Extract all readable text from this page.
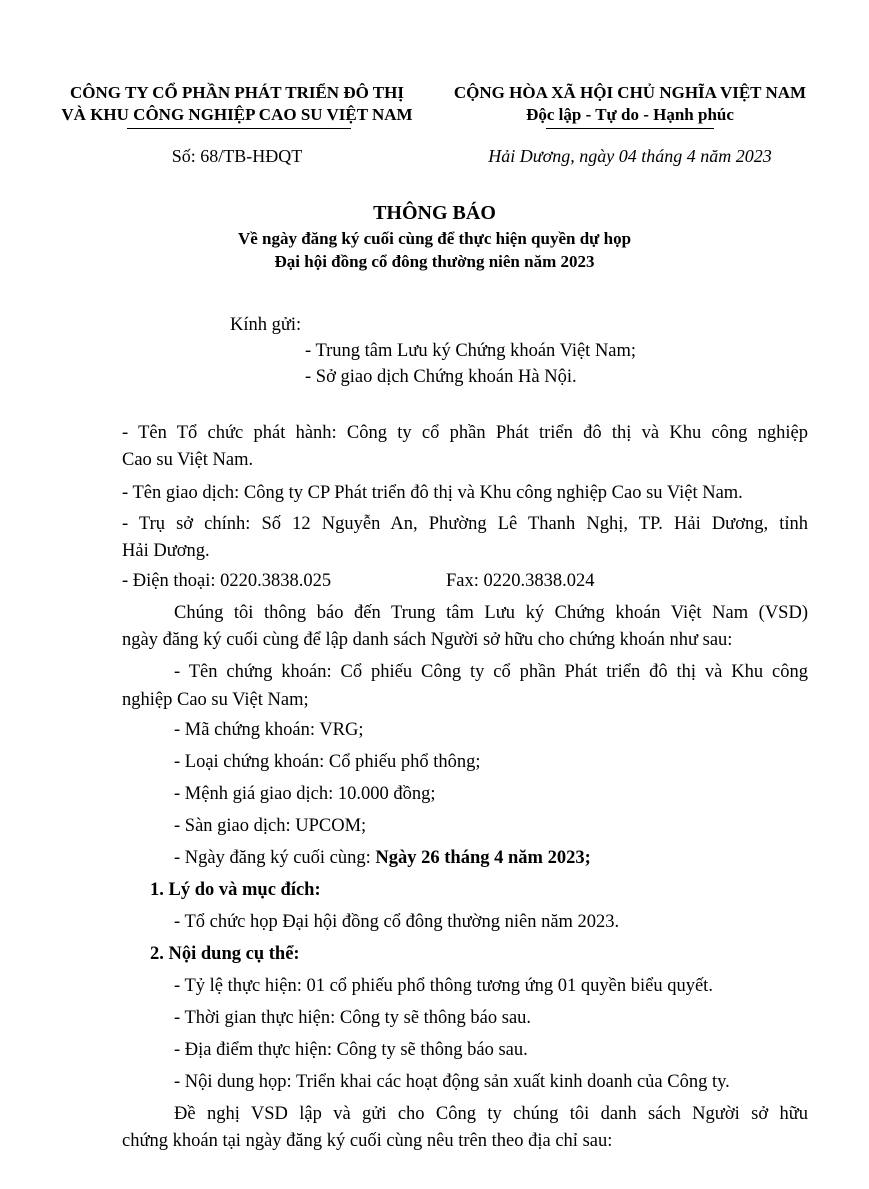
CÔNG TY CỔ PHẦN PHÁT TRIỂN ĐÔ THỊ
VÀ KHU CÔNG NGHIỆP CAO SU VIỆT NAM
Số: 68/TB-HĐQT
CỘNG HÒA XÃ HỘI CHỦ NGHĨA VIỆT NAM
Độc lập - Tự do - Hạnh phúc
Hải Dương, ngày 04 tháng 4 năm 2023
THÔNG BÁO
Về ngày đăng ký cuối cùng để thực hiện quyền dự họp
Đại hội đồng cổ đông thường niên năm 2023
Kính gửi:
- Trung tâm Lưu ký Chứng khoán Việt Nam;
- Sở giao dịch Chứng khoán Hà Nội.
- Tên Tổ chức phát hành: Công ty cổ phần Phát triển đô thị và Khu công nghiệp
Cao su Việt Nam.
- Tên giao dịch: Công ty CP Phát triển đô thị và Khu công nghiệp Cao su Việt Nam.
- Trụ sở chính: Số 12 Nguyễn An, Phường Lê Thanh Nghị, TP. Hải Dương, tỉnh
Hải Dương.
- Điện thoại: 0220.3838.025	Fax: 0220.3838.024
Chúng tôi thông báo đến Trung tâm Lưu ký Chứng khoán Việt Nam (VSD)
ngày đăng ký cuối cùng để lập danh sách Người sở hữu cho chứng khoán như sau:
- Tên chứng khoán: Cổ phiếu Công ty cổ phần Phát triển đô thị và Khu công
nghiệp Cao su Việt Nam;
- Mã chứng khoán: VRG;
- Loại chứng khoán: Cổ phiếu phổ thông;
- Mệnh giá giao dịch: 10.000 đồng;
- Sàn giao dịch: UPCOM;
- Ngày đăng ký cuối cùng: Ngày 26 tháng 4 năm 2023;
1. Lý do và mục đích:
- Tổ chức họp Đại hội đồng cổ đông thường niên năm 2023.
2. Nội dung cụ thể:
- Tỷ lệ thực hiện: 01 cổ phiếu phổ thông tương ứng 01 quyền biểu quyết.
- Thời gian thực hiện: Công ty sẽ thông báo sau.
- Địa điểm thực hiện: Công ty sẽ thông báo sau.
- Nội dung họp: Triển khai các hoạt động sản xuất kinh doanh của Công ty.
Đề nghị VSD lập và gửi cho Công ty chúng tôi danh sách Người sở hữu
chứng khoán tại ngày đăng ký cuối cùng nêu trên theo địa chỉ sau:
